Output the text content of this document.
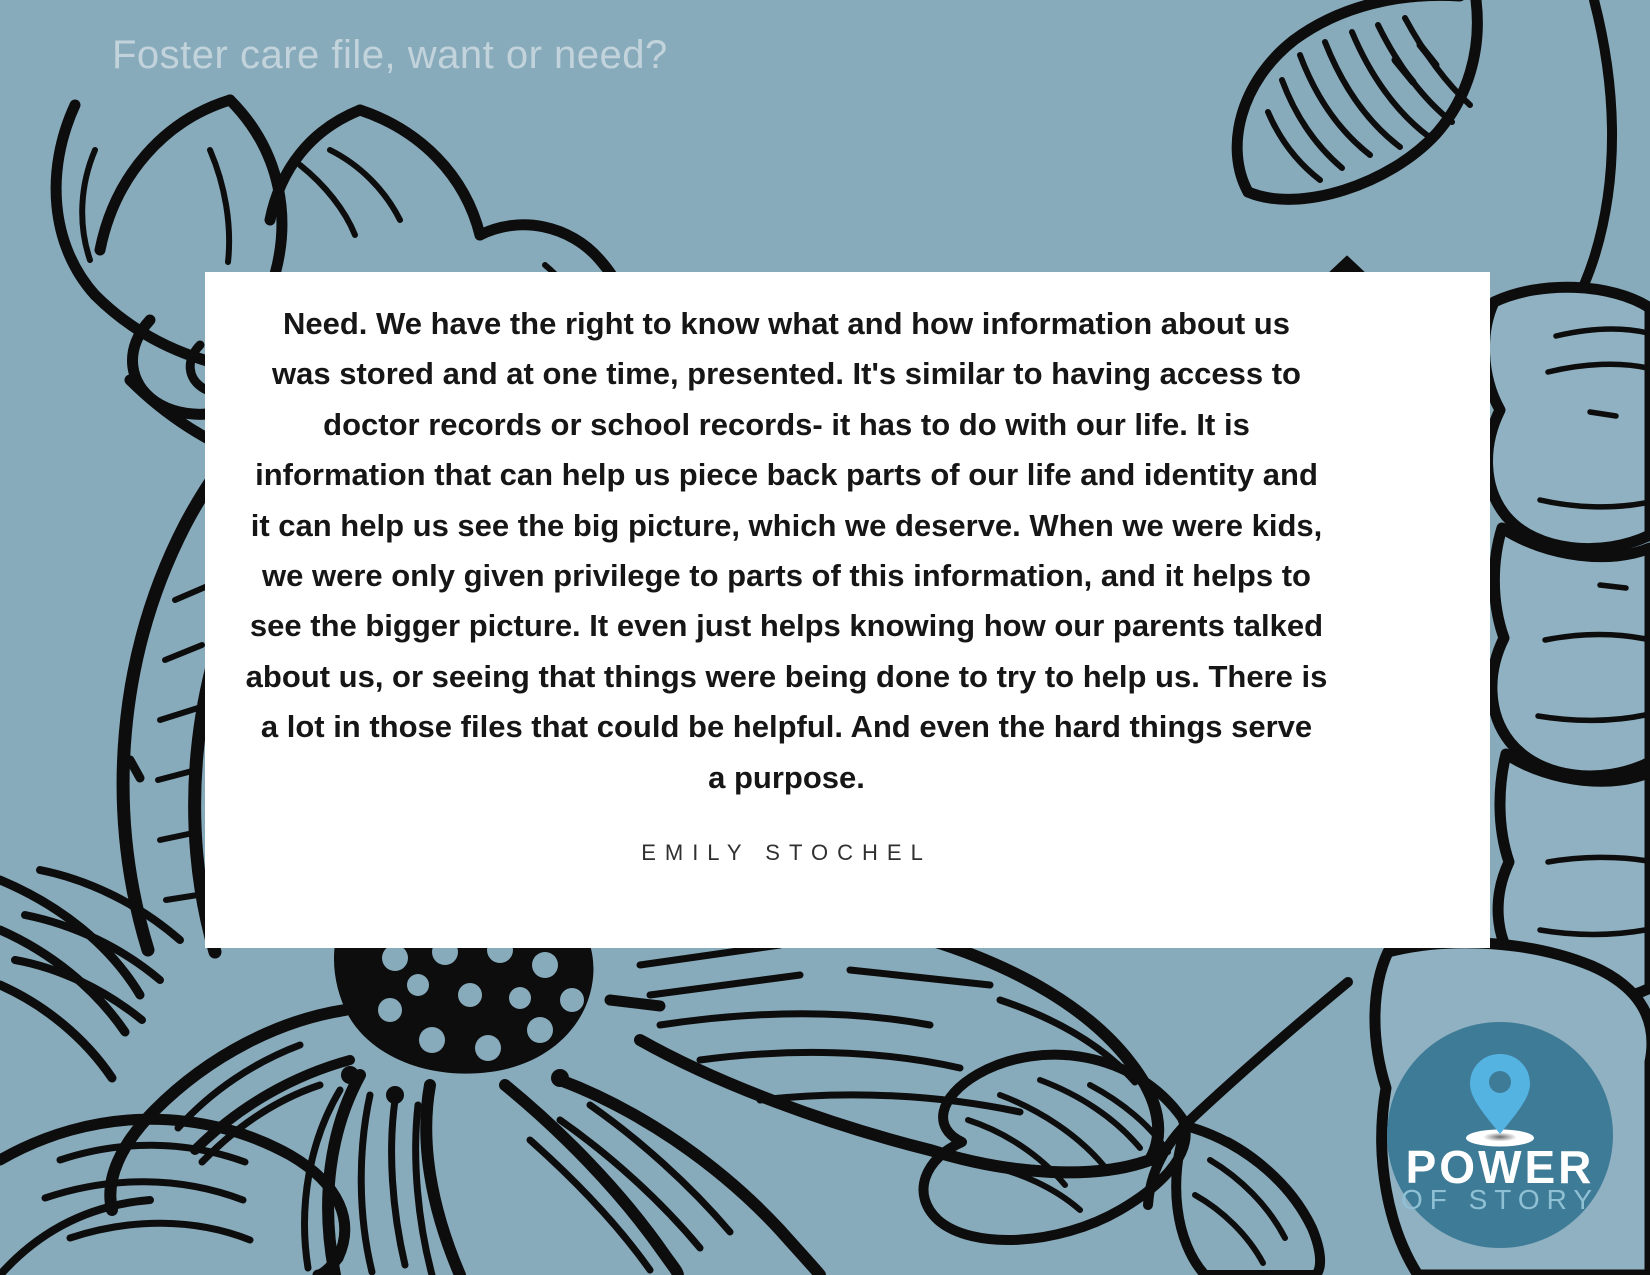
Foster care file, want or need?
Need. We have the right to know what and how information about us
was stored and at one time, presented. It's similar to having access to
doctor records or school records- it has to do with our life. It is
information that can help us piece back parts of our life and identity and
it can help us see the big picture, which we deserve. When we were kids,
we were only given privilege to parts of this information, and it helps to
see the bigger picture. It even just helps knowing how our parents talked
about us, or seeing that things were being done to try to help us. There is
a lot in those files that could be helpful. And even the hard things serve
a purpose.
EMILY STOCHEL
POWER
OF STORY
